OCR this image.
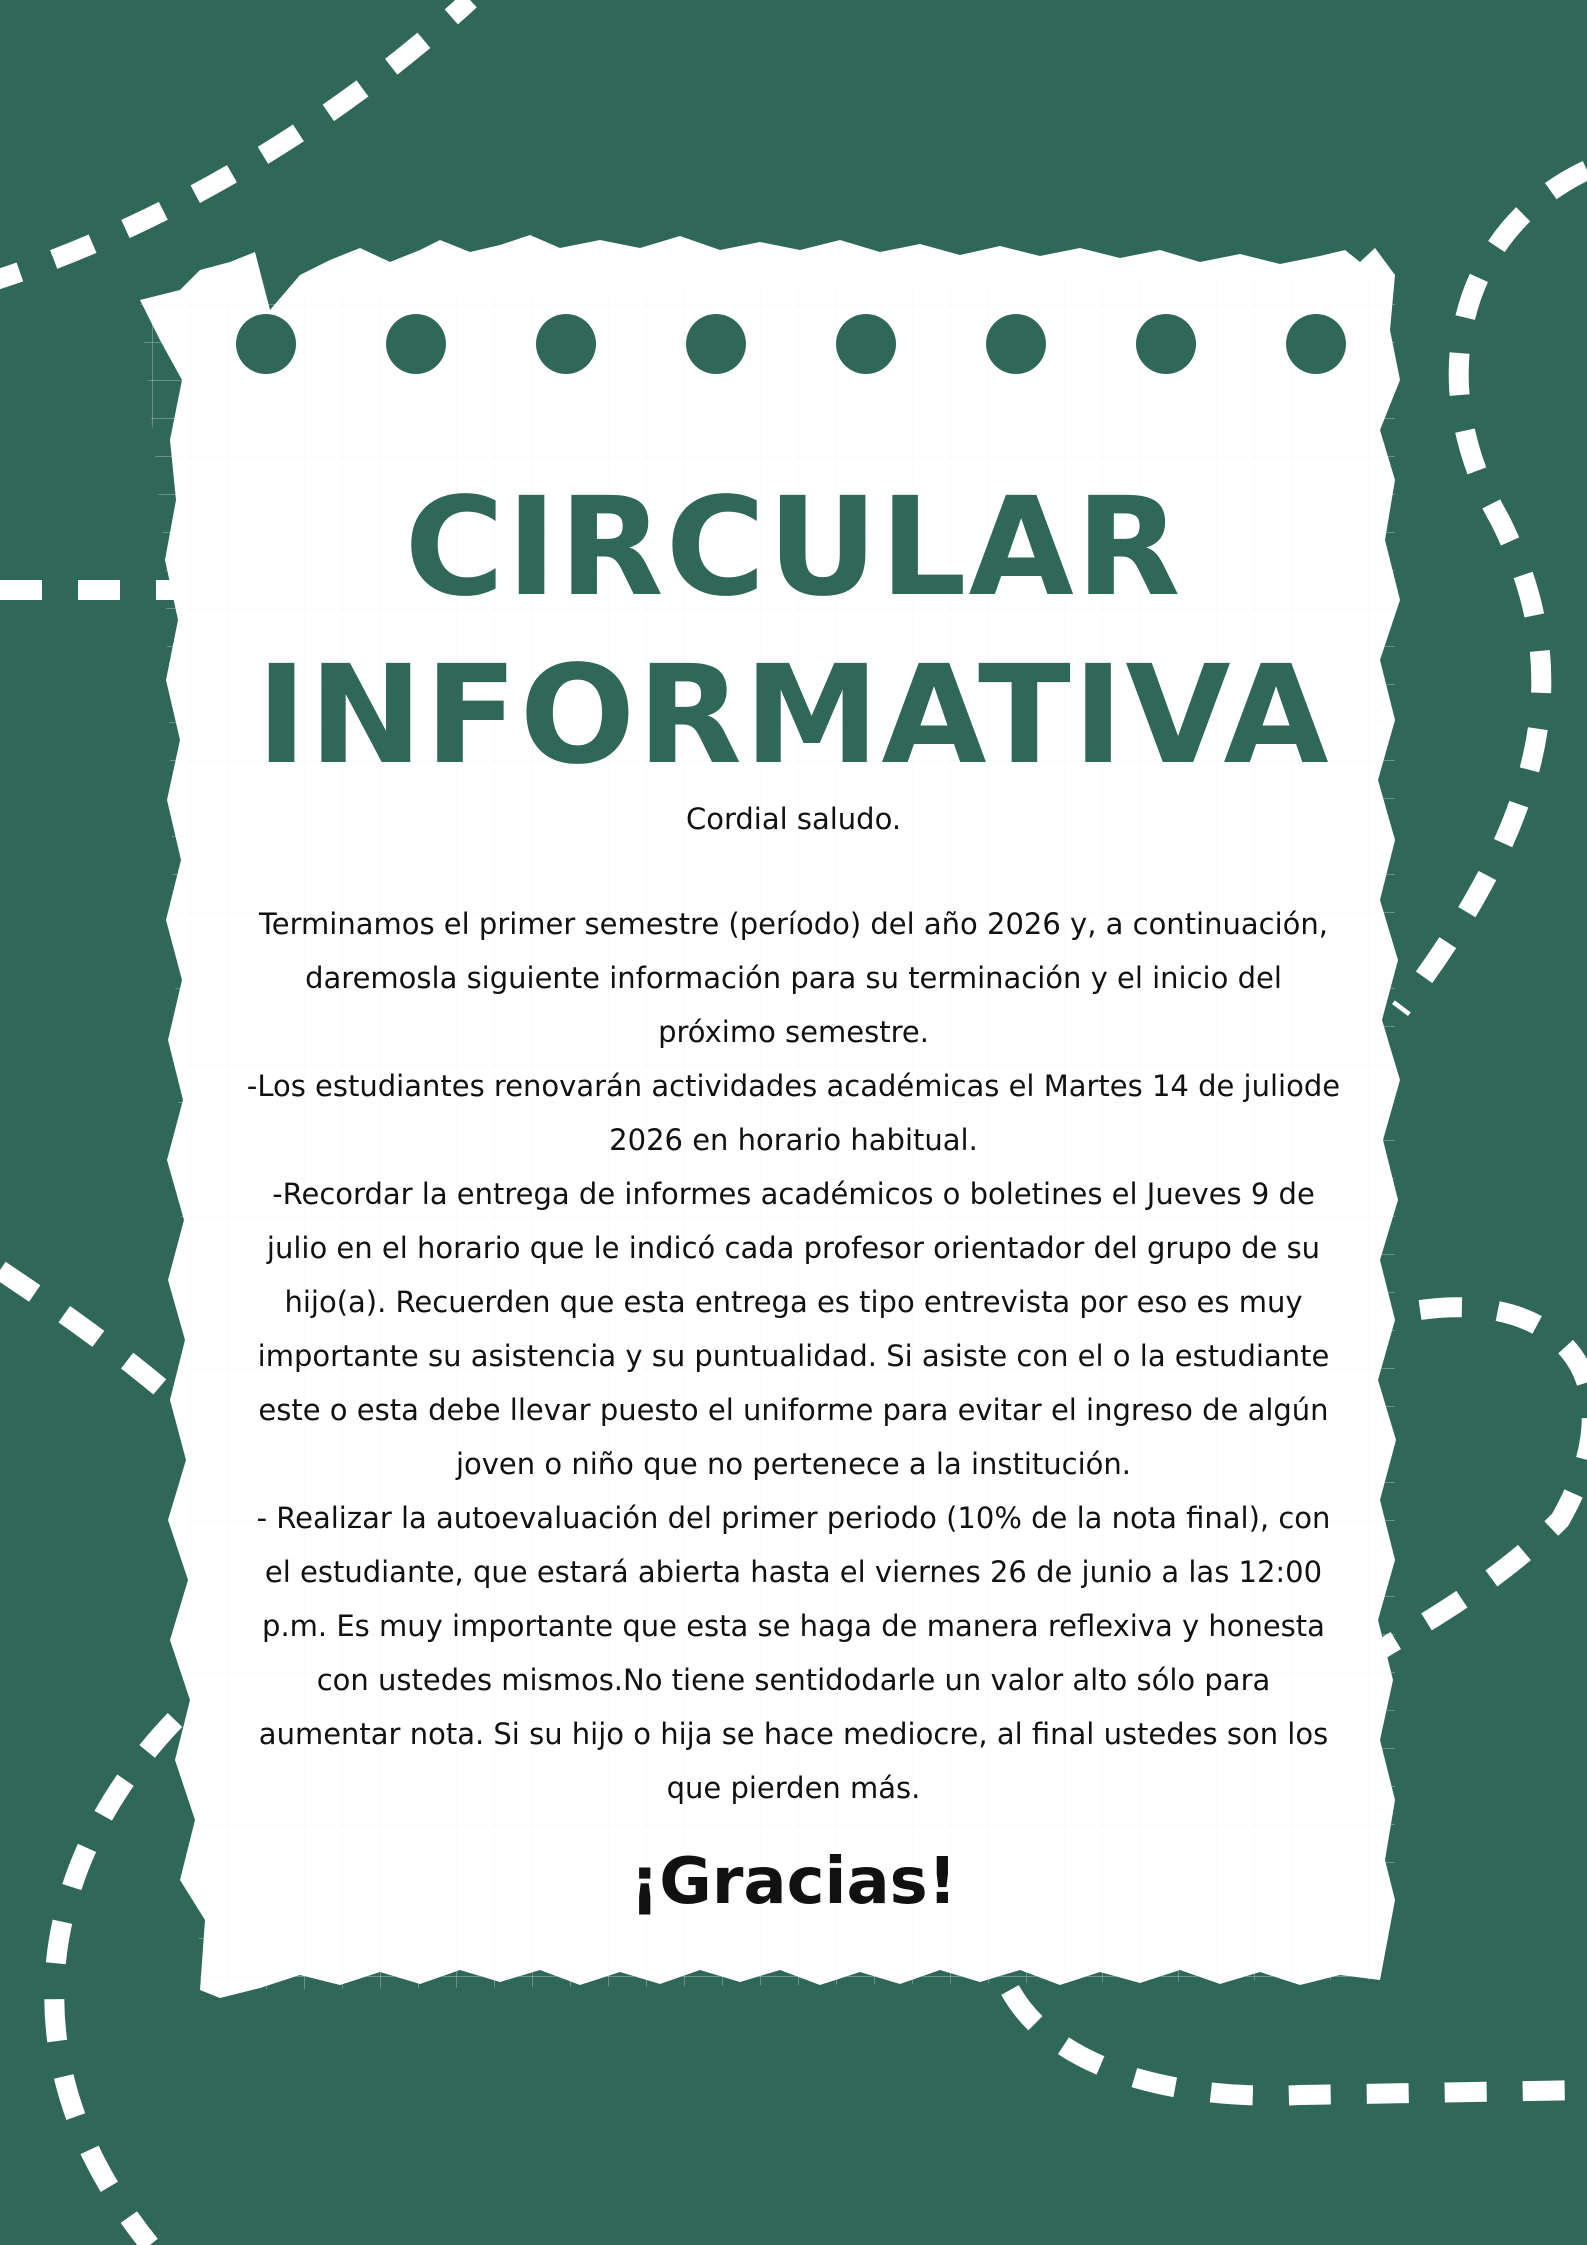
CIRCULAR
INFORMATIVA
Cordial saludo.

Terminamos el primer semestre (período) del año 2026 y, a continuación, daremosla siguiente información para su terminación y el inicio del próximo semestre.

-Los estudiantes renovarán actividades académicas el Martes 14 de juliode 2026 en horario habitual.

-Recordar la entrega de informes académicos o boletines el Jueves 9 de julio en el horario que le indicó cada profesor orientador del grupo de su hijo(a). Recuerden que esta entrega es tipo entrevista por eso es muy importante su asistencia y su puntualidad. Si asiste con el o la estudiante este o esta debe llevar puesto el uniforme para evitar el ingreso de algún joven o niño que no pertenece a la institución.

- Realizar la autoevaluación del primer periodo (10% de la nota final), con el estudiante, que estará abierta hasta el viernes 26 de junio a las 12:00 p.m. Es muy importante que esta se haga de manera reflexiva y honesta con ustedes mismos.No tiene sentidodarle un valor alto sólo para aumentar nota. Si su hijo o hija se hace mediocre, al final ustedes son los que pierden más.

¡Gracias!
